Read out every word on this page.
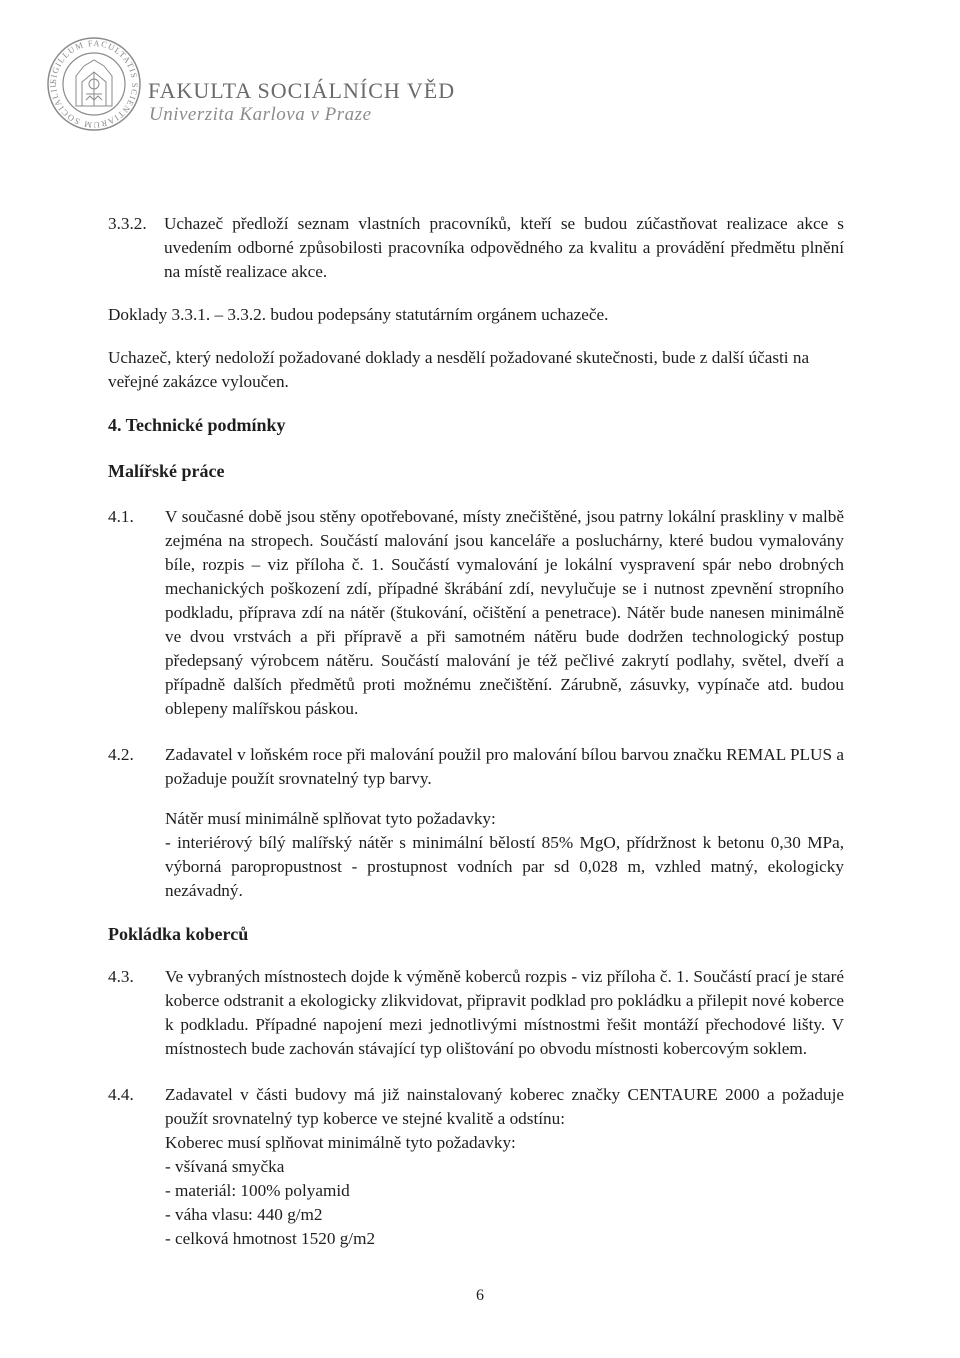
SIGILLUM FACULTATIS SCIENTIARUM SOCIALIU	FAKULTA SOCIÁLNÍCH VĚD
Univerzita Karlova v Praze
3.3.2.	Uchazeč předloží seznam vlastních pracovníků, kteří se budou zúčastňovat realizace akce s uvedením odborné způsobilosti pracovníka odpovědného za kvalitu a provádění předmětu plnění na místě realizace akce.

Doklady 3.3.1. – 3.3.2. budou podepsány statutárním orgánem uchazeče.

Uchazeč, který nedoloží požadované doklady a nesdělí požadované skutečnosti, bude z další účasti na veřejné zakázce vyloučen.

4. Technické podmínky

Malířské práce

4.1.	V současné době jsou stěny opotřebované, místy znečištěné, jsou patrny lokální praskliny v malbě zejména na stropech. Součástí malování jsou kanceláře a posluchárny, které budou vymalovány bíle, rozpis – viz příloha č. 1. Součástí vymalování je lokální vyspravení spár nebo drobných mechanických poškození zdí, případné škrábání zdí, nevylučuje se i nutnost zpevnění stropního podkladu, příprava zdí na nátěr (štukování, očištění a penetrace). Nátěr bude nanesen minimálně ve dvou vrstvách a při přípravě a při samotném nátěru bude dodržen technologický postup předepsaný výrobcem nátěru. Součástí malování je též pečlivé zakrytí podlahy, světel, dveří a případně dalších předmětů proti možnému znečištění. Zárubně, zásuvky, vypínače atd. budou oblepeny malířskou páskou.
4.2.	Zadavatel v loňském roce při malování použil pro malování bílou barvou značku REMAL PLUS a požaduje použít srovnatelný typ barvy.

Nátěr musí minimálně splňovat tyto požadavky:

- interiérový bílý malířský nátěr s minimální bělostí 85% MgO, přídržnost k betonu 0,30 MPa, výborná paropropustnost - prostupnost vodních par sd 0,028 m, vzhled matný, ekologicky nezávadný.

Pokládka koberců

4.3.	Ve vybraných místnostech dojde k výměně koberců rozpis - viz příloha č. 1. Součástí prací je staré koberce odstranit a ekologicky zlikvidovat, připravit podklad pro pokládku a přilepit nové koberce k podkladu. Případné napojení mezi jednotlivými místnostmi řešit montáží přechodové lišty. V místnostech bude zachován stávající typ olištování po obvodu místnosti kobercovým soklem.
4.4.	Zadavatel v části budovy má již nainstalovaný koberec značky CENTAURE 2000 a požaduje použít srovnatelný typ koberce ve stejné kvalitě a odstínu:

Koberec musí splňovat minimálně tyto požadavky:

- všívaná smyčka
- materiál: 100% polyamid
- váha vlasu: 440 g/m2
- celková hmotnost 1520 g/m2
6
